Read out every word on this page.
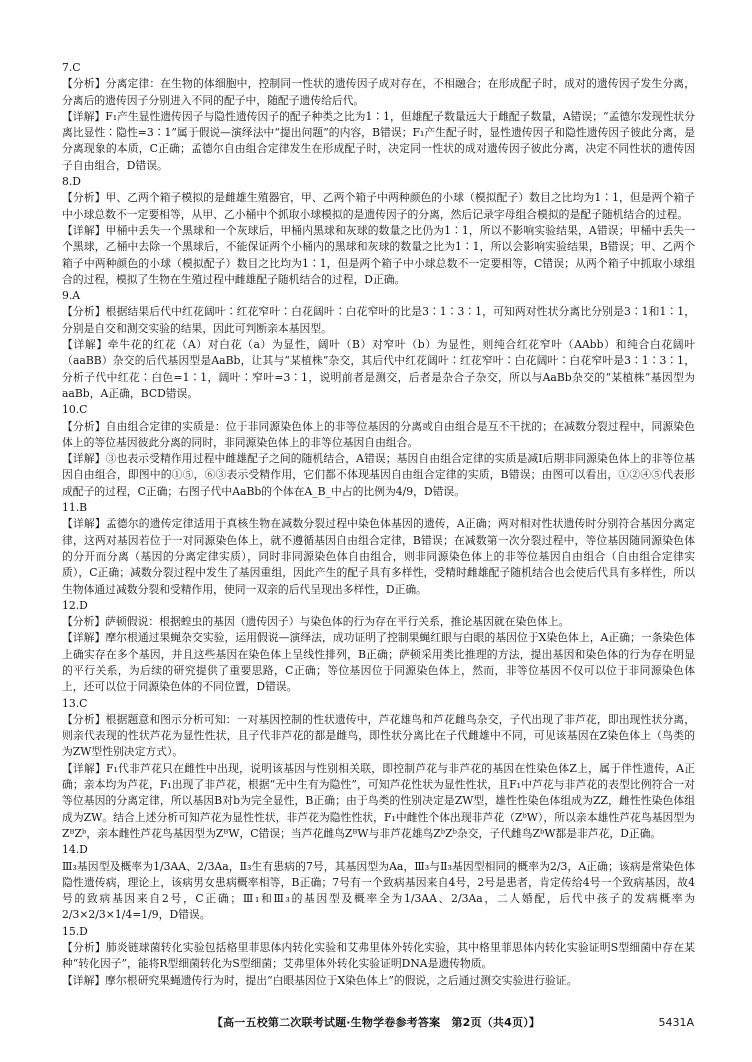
7.C

【分析】分离定律：在生物的体细胞中，控制同一性状的遗传因子成对存在，不相融合；在形成配子时，成对的遗传因子发生分离，分离后的遗传因子分别进入不同的配子中，随配子遗传给后代。

【详解】F₁产生显性遗传因子与隐性遗传因子的配子种类之比为1∶1，但雄配子数量远大于雌配子数量，A错误；“孟德尔发现性状分离比显性∶隐性=3∶1”属于假说—演绎法中“提出问题”的内容，B错误；F₁产生配子时，显性遗传因子和隐性遗传因子彼此分离，是分离现象的本质，C正确；孟德尔自由组合定律发生在形成配子时，决定同一性状的成对遗传因子彼此分离，决定不同性状的遗传因子自由组合，D错误。

8.D

【分析】甲、乙两个箱子模拟的是雌雄生殖器官，甲、乙两个箱子中两种颜色的小球（模拟配子）数目之比均为1∶1，但是两个箱子中小球总数不一定要相等，从甲、乙小桶中个抓取小球模拟的是遗传因子的分离，然后记录字母组合模拟的是配子随机结合的过程。

【详解】甲桶中丢失一个黑球和一个灰球后，甲桶内黑球和灰球的数量之比仍为1∶1，所以不影响实验结果，A错误；甲桶中丢失一个黑球，乙桶中去除一个黑球后，不能保证两个小桶内的黑球和灰球的数量之比为1∶1，所以会影响实验结果，B错误；甲、乙两个箱子中两种颜色的小球（模拟配子）数目之比均为1∶1，但是两个箱子中小球总数不一定要相等，C错误；从两个箱子中抓取小球组合的过程，模拟了生物在生殖过程中雌雄配子随机结合的过程，D正确。

9.A

【分析】根据结果后代中红花阔叶∶红花窄叶∶白花阔叶∶白花窄叶的比是3∶1∶3∶1，可知两对性状分离比分别是3∶1和1∶1，分别是自交和测交实验的结果，因此可判断亲本基因型。

【详解】牵牛花的红花（A）对白花（a）为显性，阔叶（B）对窄叶（b）为显性，则纯合红花窄叶（AAbb）和纯合白花阔叶（aaBB）杂交的后代基因型是AaBb，让其与“某植株”杂交，其后代中红花阔叶∶红花窄叶∶白花阔叶∶白花窄叶是3∶1∶3∶1，分析子代中红花∶白色=1∶1，阔叶∶窄叶=3∶1，说明前者是测交，后者是杂合子杂交，所以与AaBb杂交的“某植株”基因型为aaBb，A正确，BCD错误。

10.C

【分析】自由组合定律的实质是：位于非同源染色体上的非等位基因的分离或自由组合是互不干扰的；在减数分裂过程中，同源染色体上的等位基因彼此分离的同时，非同源染色体上的非等位基因自由组合。

【详解】③也表示受精作用过程中雌雄配子之间的随机结合，A错误；基因自由组合定律的实质是减Ⅰ后期非同源染色体上的非等位基因自由组合，即图中的①⑤，⑥③表示受精作用，它们都不体现基因自由组合定律的实质，B错误；由图可以看出，①②④⑤代表形成配子的过程，C正确；右图子代中AaBb的个体在A_B_中占的比例为4/9，D错误。

11.B

【详解】孟德尔的遗传定律适用于真核生物在减数分裂过程中染色体基因的遗传，A正确；两对相对性状遗传时分别符合基因分离定律，这两对基因若位于一对同源染色体上，就不遵循基因自由组合定律，B错误；在减数第一次分裂过程中，等位基因随同源染色体的分开而分离（基因的分离定律实质），同时非同源染色体自由组合，则非同源染色体上的非等位基因自由组合（自由组合定律实质），C正确；减数分裂过程中发生了基因重组，因此产生的配子具有多样性，受精时雌雄配子随机结合也会使后代具有多样性，所以生物体通过减数分裂和受精作用，使同一双亲的后代呈现出多样性，D正确。

12.D

【分析】萨顿假说：根据蝗虫的基因（遗传因子）与染色体的行为存在平行关系，推论基因就在染色体上。

【详解】摩尔根通过果蝇杂交实验，运用假说—演绎法，成功证明了控制果蝇红眼与白眼的基因位于X染色体上，A正确；一条染色体上确实存在多个基因，并且这些基因在染色体上呈线性排列，B正确；萨顿采用类比推理的方法，提出基因和染色体的行为存在明显的平行关系，为后续的研究提供了重要思路，C正确；等位基因位于同源染色体上，然而，非等位基因不仅可以位于非同源染色体上，还可以位于同源染色体的不同位置，D错误。

13.C

【分析】根据题意和图示分析可知：一对基因控制的性状遗传中，芦花雄鸟和芦花雌鸟杂交，子代出现了非芦花，即出现性状分离，则亲代表现的性状芦花为显性性状，且子代非芦花的都是雌鸟，即性状分离比在子代雌雄中不同，可见该基因在Z染色体上（鸟类的为ZW型性别决定方式）。

【详解】F₁代非芦花只在雌性中出现，说明该基因与性别相关联，即控制芦花与非芦花的基因在性染色体Z上，属于伴性遗传，A正确；亲本均为芦花，F₁出现了非芦花，根据“无中生有为隐性”，可知芦花性状为显性性状，且F₁中芦花与非芦花的表型比例符合一对等位基因的分离定律，所以基因B对b为完全显性，B正确；由于鸟类的性别决定是ZW型，雄性性染色体组成为ZZ，雌性性染色体组成为ZW。结合上述分析可知芦花为显性性状，非芦花为隐性性状，F₁中雌性个体出现非芦花（ZᵇW），所以亲本雄性芦花鸟基因型为ZᴮZᵇ，亲本雌性芦花鸟基因型为ZᴮW，C错误；当芦花雌鸟ZᴮW与非芦花雄鸟ZᵇZᵇ杂交，子代雌鸟ZᵇW都是非芦花，D正确。

14.D

Ⅲ₃基因型及概率为1/3AA、2/3Aa，Ⅱ₃生有患病的7号，其基因型为Aa，Ⅲ₃与Ⅱ₃基因型相同的概率为2/3，A正确；该病是常染色体隐性遗传病，理论上，该病男女患病概率相等，B正确；7号有一个致病基因来自4号，2号是患者，肯定传给4号一个致病基因，故4号的致病基因来自2号，C正确；Ⅲ₁和Ⅲ₃的基因型及概率全为1/3AA、2/3Aa，二人婚配，后代中孩子的发病概率为2/3×2/3×1/4=1/9，D错误。

15.D

【分析】肺炎链球菌转化实验包括格里菲思体内转化实验和艾弗里体外转化实验，其中格里菲思体内转化实验证明S型细菌中存在某种“转化因子”，能将R型细菌转化为S型细菌；艾弗里体外转化实验证明DNA是遗传物质。

【详解】摩尔根研究果蝇遗传行为时，提出“白眼基因位于X染色体上”的假说，之后通过测交实验进行验证。

【高一五校第二次联考试题·生物学卷参考答案　第2页（共4页）】	5431A
